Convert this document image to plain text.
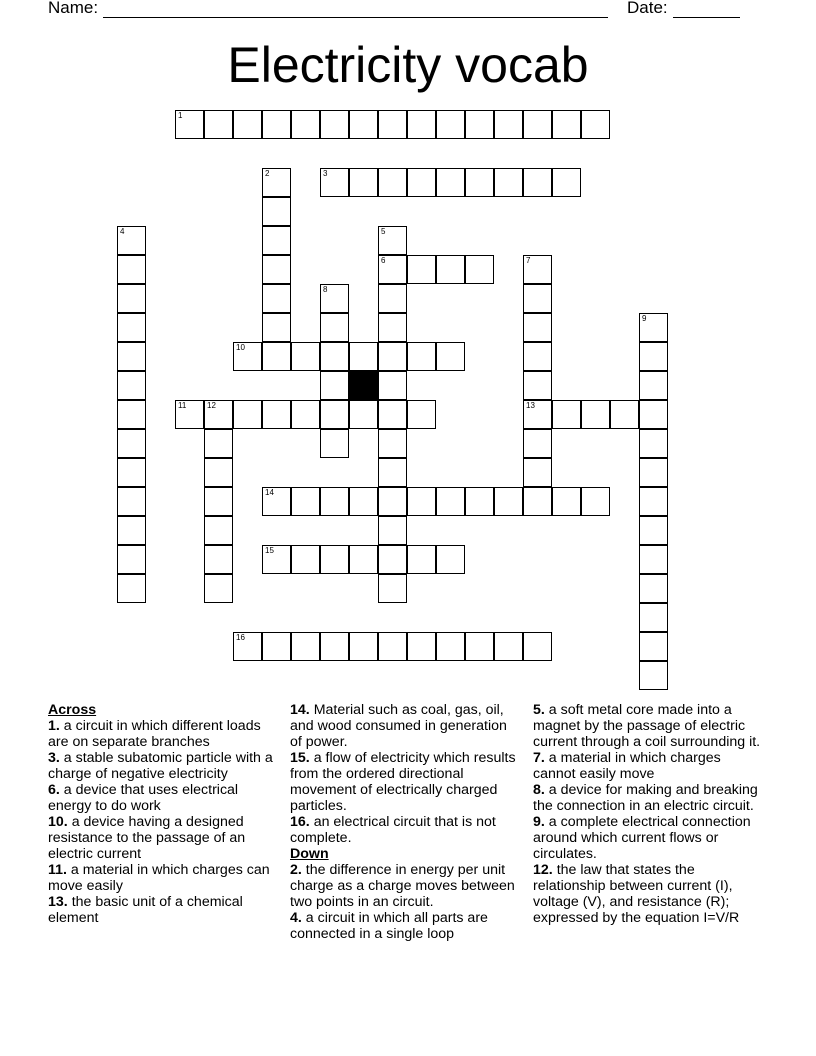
Name:	Date:
Electricity vocab
1
3
6
10
11	12	13
14
15
16
2
4	5
7
8
9
Across

1. a circuit in which different loads are on separate branches

3. a stable subatomic particle with a charge of negative electricity

6. a device that uses electrical energy to do work

10. a device having a designed resistance to the passage of an electric current

11. a material in which charges can move easily

13. the basic unit of a chemical element

14. Material such as coal, gas, oil, and wood consumed in generation of power.

15. a flow of electricity which results from the ordered directional movement of electrically charged particles.

16. an electrical circuit that is not complete.

Down

2. the difference in energy per unit charge as a charge moves between two points in an circuit.

4. a circuit in which all parts are connected in a single loop

5. a soft metal core made into a magnet by the passage of electric current through a coil surrounding it.

7. a material in which charges cannot easily move

8. a device for making and breaking the connection in an electric circuit.

9. a complete electrical connection around which current flows or circulates.

12. the law that states the relationship between current (I), voltage (V), and resistance (R); expressed by the equation I=V/R
